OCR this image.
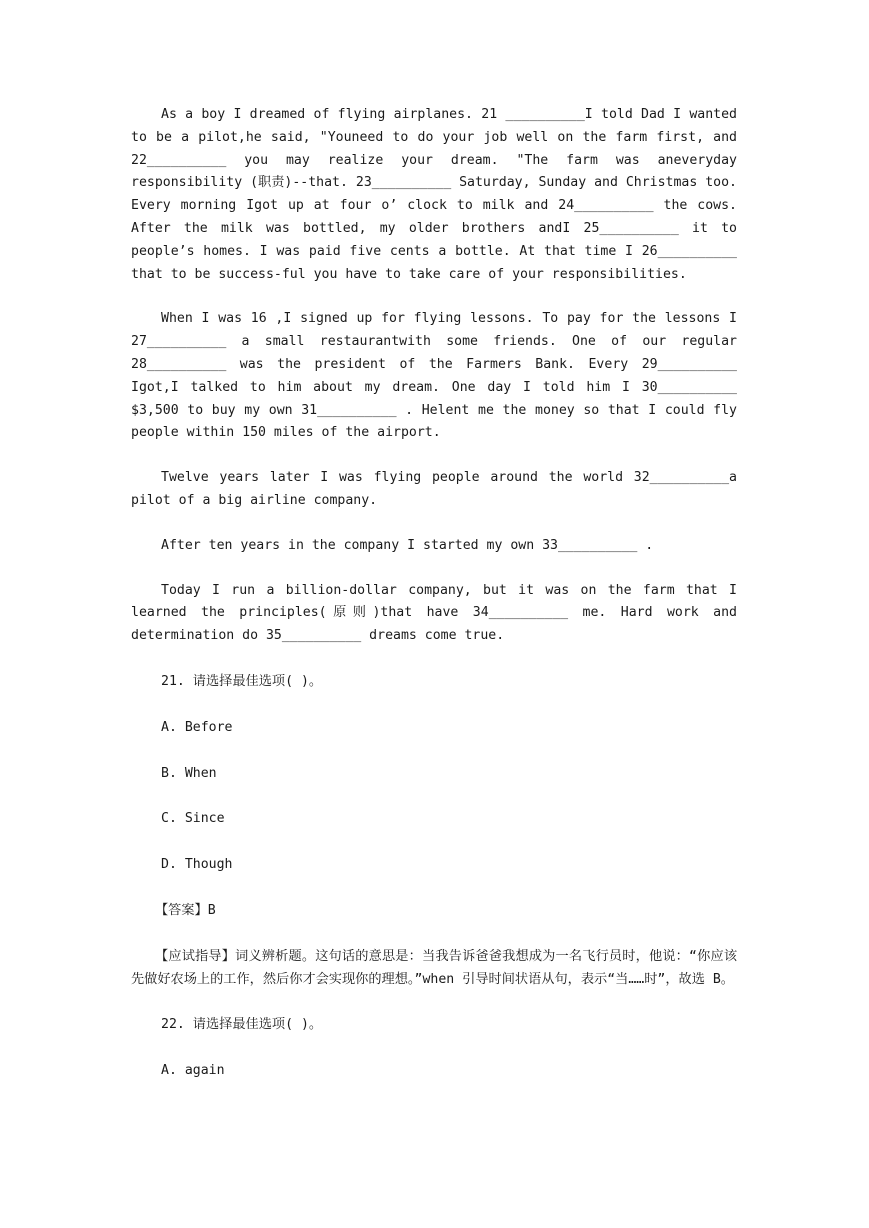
As a boy I dreamed of flying airplanes. 21 __________I told Dad I wanted to be a pilot,he said, "Youneed to do your job well on the farm first, and 22__________ you may realize your dream. "The farm was aneveryday responsibility (职责)--that. 23__________ Saturday, Sunday and Christmas too. Every morning Igot up at four o’ clock to milk and 24__________ the cows. After the milk was bottled, my older brothers andI 25__________ it to people’s homes. I was paid five cents a bottle. At that time I 26__________ that to be success-ful you have to take care of your responsibilities.

When I was 16 ,I signed up for flying lessons. To pay for the lessons I 27__________ a small restaurantwith some friends. One of our regular 28__________ was the president of the Farmers Bank. Every 29__________ Igot,I talked to him about my dream. One day I told him I 30__________ $3,500 to buy my own 31__________ . Helent me the money so that I could fly people within 150 miles of the airport.

Twelve years later I was flying people around the world 32__________a pilot of a big airline company.

After ten years in the company I started my own 33__________ .

Today I run a billion-dollar company, but it was on the farm that I learned the principles(原则)that have 34__________ me. Hard work and determination do 35__________ dreams come true.

21. 请选择最佳选项( )。

A. Before

B. When

C. Since

D. Though

【答案】B

【应试指导】词义辨析题。这句话的意思是：当我告诉爸爸我想成为一名飞行员时，他说：“你应该先做好农场上的工作，然后你才会实现你的理想。”when 引导时间状语从句，表示“当……时”，故选 B。

22. 请选择最佳选项( )。

A. again
